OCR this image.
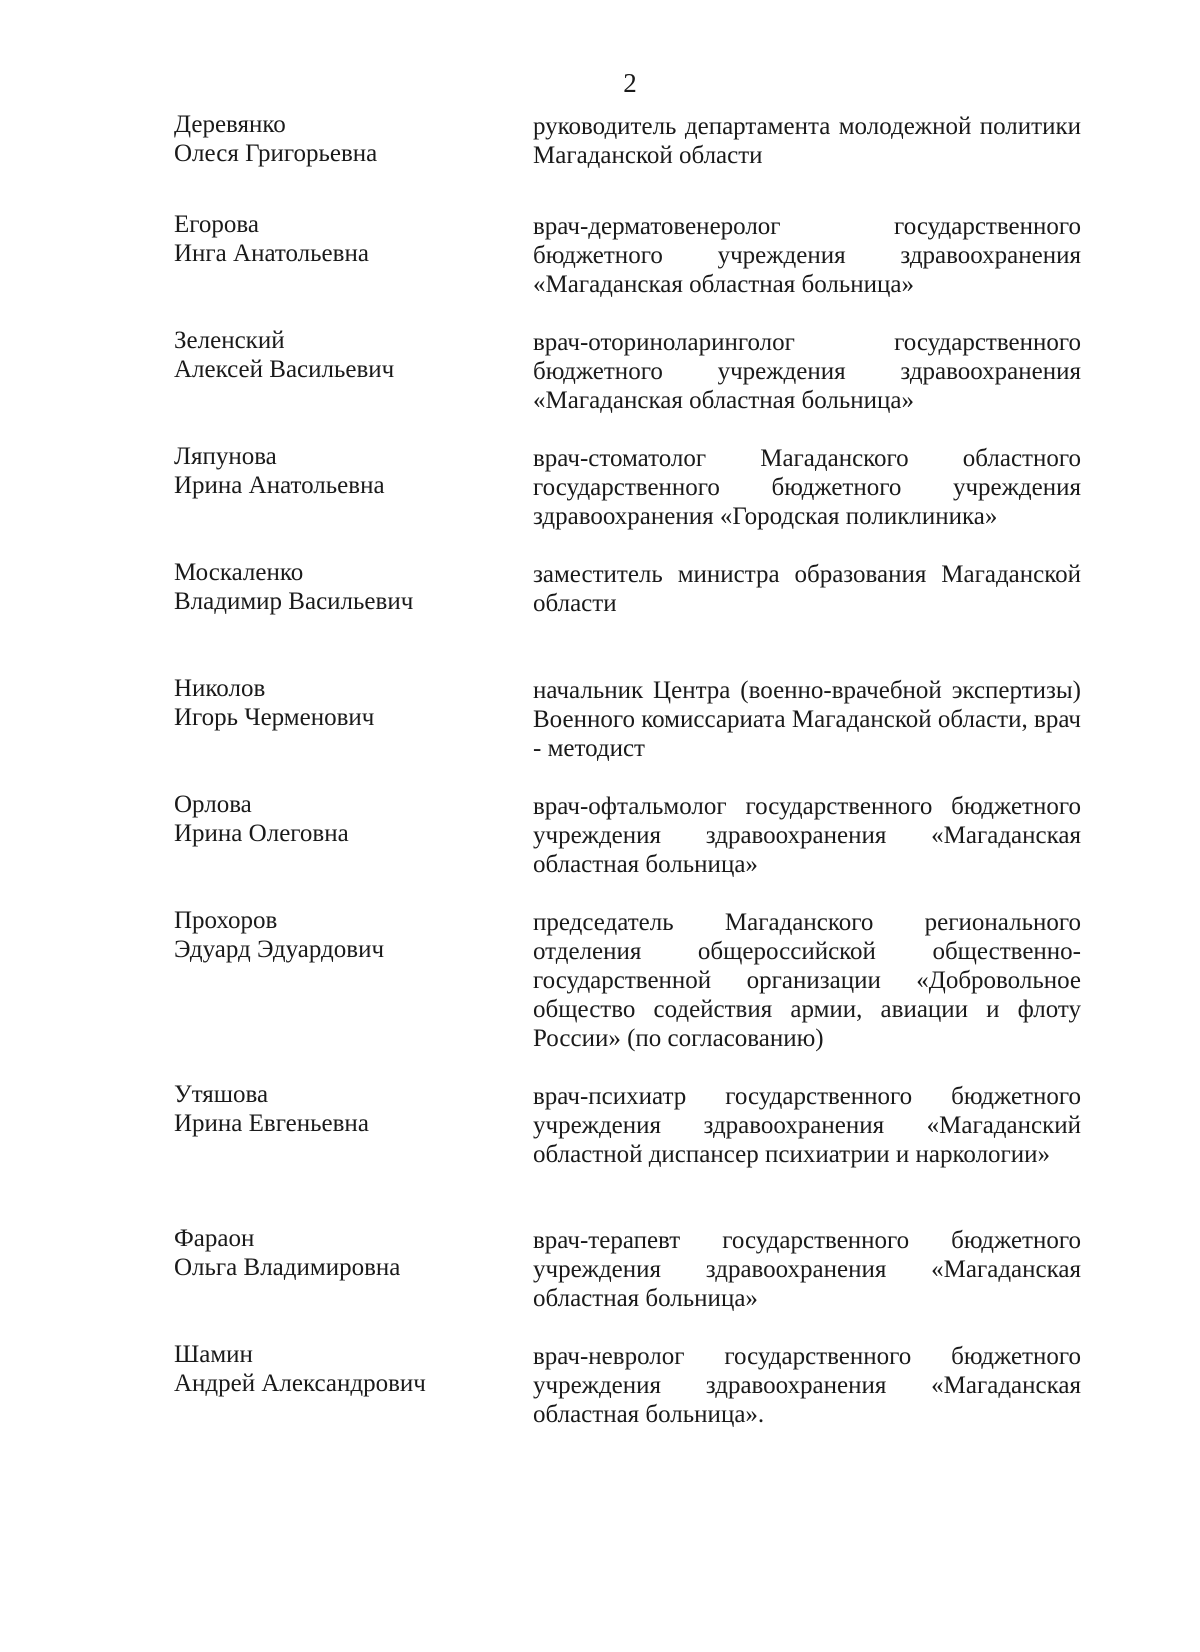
2
Деревянко
Олеся Григорьевна
руководитель департамента молодежной политики Магаданской области
Егорова
Инга Анатольевна
врач-дерматовенеролог государственного бюджетного учреждения здравоохранения «Магаданская областная больница»
Зеленский
Алексей Васильевич
врач-оториноларинголог государственного бюджетного учреждения здравоохранения «Магаданская областная больница»
Ляпунова
Ирина Анатольевна
врач-стоматолог Магаданского областного государственного бюджетного учреждения здравоохранения «Городская поликлиника»
Москаленко
Владимир Васильевич
заместитель министра образования Магаданской области
Николов
Игорь Черменович
начальник Центра (военно-врачебной экспертизы) Военного комиссариата Магаданской области, врач - методист
Орлова
Ирина Олеговна
врач-офтальмолог государственного бюджетного учреждения здравоохранения «Магаданская областная больница»
Прохоров
Эдуард Эдуардович
председатель Магаданского регионального отделения общероссийской общественно-государственной организации «Добровольное общество содействия армии, авиации и флоту России» (по согласованию)
Утяшова
Ирина Евгеньевна
врач-психиатр государственного бюджетного учреждения здравоохранения «Магаданский областной диспансер психиатрии и наркологии»
Фараон
Ольга Владимировна
врач-терапевт государственного бюджетного учреждения здравоохранения «Магаданская областная больница»
Шамин
Андрей Александрович
врач-невролог государственного бюджетного учреждения здравоохранения «Магаданская областная больница».
